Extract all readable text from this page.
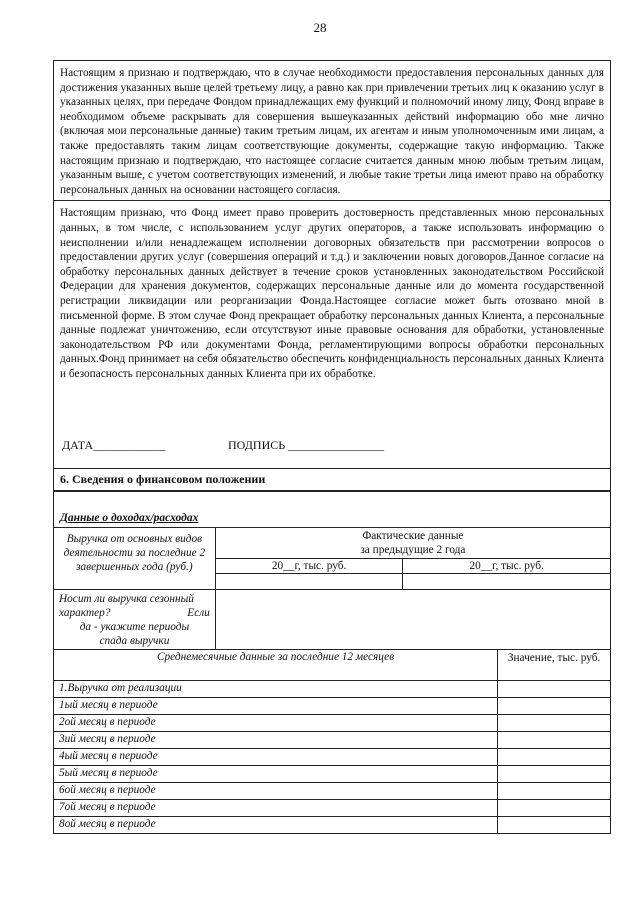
28
Настоящим я признаю и подтверждаю, что в случае необходимости предоставления персональных данных для достижения указанных выше целей третьему лицу, а равно как при привлечении третьих лиц к оказанию услуг в указанных целях, при передаче Фондом принадлежащих ему функций и полномочий иному лицу, Фонд вправе в необходимом объеме раскрывать для совершения вышеуказанных действий информацию обо мне лично (включая мои персональные данные) таким третьим лицам, их агентам и иным уполномоченным ими лицам, а также предоставлять таким лицам соответствующие документы, содержащие такую информацию. Также настоящим признаю и подтверждаю, что настоящее согласие считается данным мною любым третьим лицам, указанным выше, с учетом соответствующих изменений, и любые такие третьи лица имеют право на обработку персональных данных на основании настоящего согласия.
Настоящим признаю, что Фонд имеет право проверить достоверность представленных мною персональных данных, в том числе, с использованием услуг других операторов, а также использовать информацию о неисполнении и/или ненадлежащем исполнении договорных обязательств при рассмотрении вопросов о предоставлении других услуг (совершения операций и т.д.) и заключении новых договоров.Данное согласие на обработку персональных данных действует в течение сроков установленных законодательством Российской Федерации для хранения документов, содержащих персональные данные или до момента государственной регистрации ликвидации или реорганизации Фонда.Настоящее согласие может быть отозвано мной в письменной форме. В этом случае Фонд прекращает обработку персональных данных Клиента, а персональные данные подлежат уничтожению, если отсутствуют иные правовые основания для обработки, установленные законодательством РФ или документами Фонда, регламентирующими вопросы обработки персональных данных.Фонд принимает на себя обязательство обеспечить конфиденциальность персональных данных Клиента и безопасность персональных данных Клиента при их обработке.
ДАТА____________	ПОДПИСЬ ________________
6. Сведения о финансовом положении
Данные о доходах/расходах
Выручка от основных видов деятельности за последние 2 завершенных года (руб.)	Фактические данные
за предыдущие 2 года	

	20__г, тыс. руб.	20__г, тыс. руб.

Носит ли выручка сезонный
характер? Если
да - укажите периоды
спада выручки		

Среднемесячные данные за последние 12 месяцев	Значение, тыс. руб.
1.Выручка от реализации	
1ый месяц в периоде	
2ой месяц в периоде	
3ий месяц в периоде	
4ый месяц в периоде	
5ый месяц в периоде	
6ой месяц в периоде	
7ой месяц в периоде	
8ой месяц в периоде	
